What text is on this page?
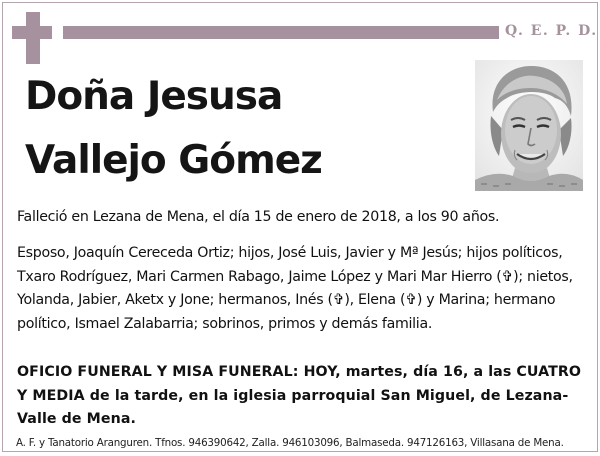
Q. E. P. D.
Doña Jesusa
Vallejo Gómez
Falleció en Lezana de Mena, el día 15 de enero de 2018, a los 90 años.
Esposo, Joaquín Cereceda Ortiz; hijos, José Luis, Javier y Mª Jesús; hijos políticos, Txaro Rodríguez, Mari Carmen Rabago, Jaime López y Mari Mar Hierro (✞); nietos, Yolanda, Jabier, Aketx y Jone; hermanos, Inés (✞), Elena (✞) y Marina; hermano político, Ismael Zalabarria; sobrinos, primos y demás familia.
OFICIO FUNERAL Y MISA FUNERAL: HOY, martes, día 16, a las CUATRO Y MEDIA de la tarde, en la iglesia parroquial San Miguel, de Lezana-Valle de Mena.
A. F. y Tanatorio Aranguren. Tfnos. 946390642, Zalla. 946103096, Balmaseda. 947126163, Villasana de Mena.
